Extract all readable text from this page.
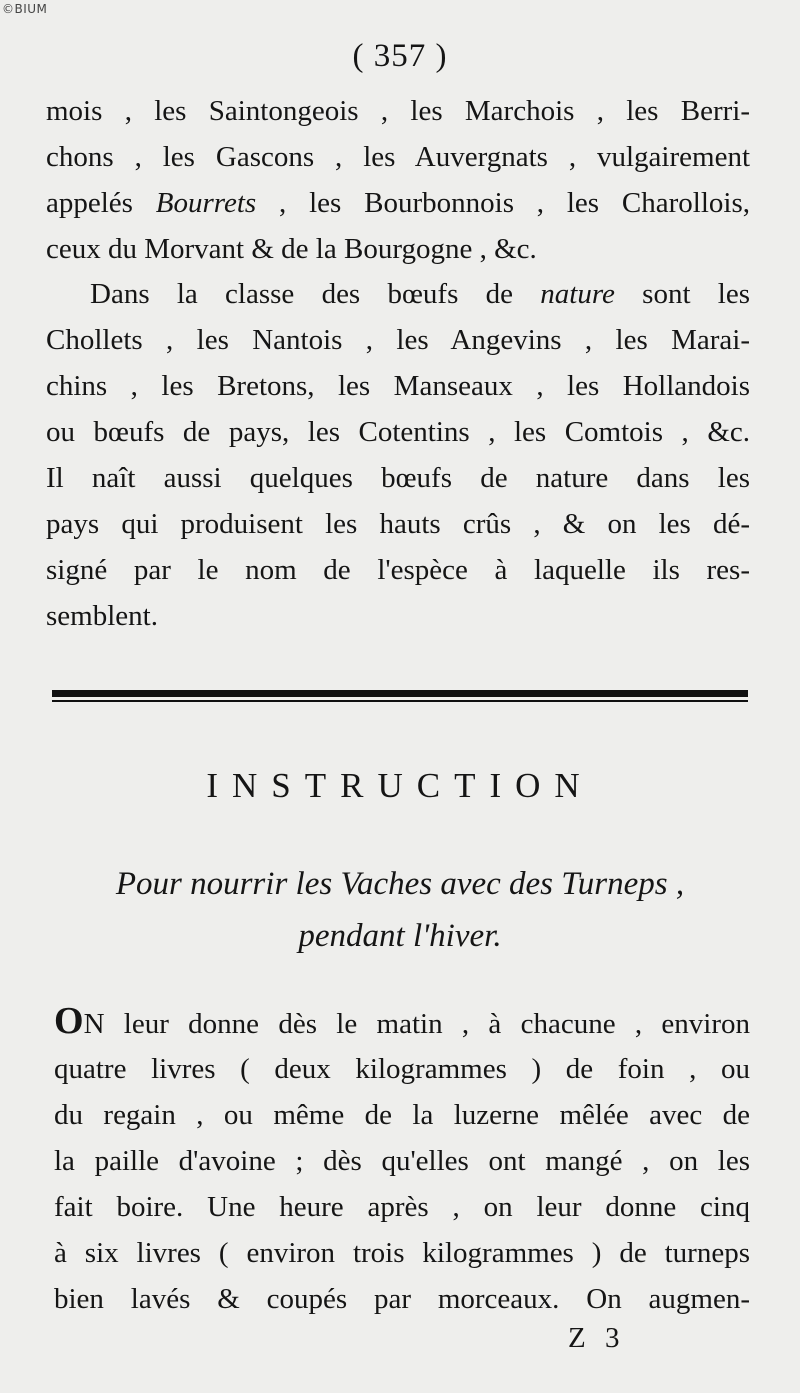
©BIUM
( 357 )
mois , les Saintongeois , les Marchois , les Berri-
chons , les Gascons , les Auvergnats , vulgairement
appelés Bourrets , les Bourbonnois , les Charollois,
ceux du Morvant & de la Bourgogne , &c.
Dans la classe des bœufs de nature sont les
Chollets , les Nantois , les Angevins , les Marai-
chins , les Bretons, les Manseaux , les Hollandois
ou bœufs de pays, les Cotentins , les Comtois , &c.
Il naît aussi quelques bœufs de nature dans les
pays qui produisent les hauts crûs , & on les dé-
signé par le nom de l'espèce à laquelle ils res-
semblent.
INSTRUCTION
Pour nourrir les Vaches avec des Turneps ,
pendant l'hiver.
ON leur donne dès le matin , à chacune , environ
quatre livres ( deux kilogrammes ) de foin , ou
du regain , ou même de la luzerne mêlée avec de
la paille d'avoine ; dès qu'elles ont mangé , on les
fait boire. Une heure après , on leur donne cinq
à six livres ( environ trois kilogrammes ) de turneps
bien lavés & coupés par morceaux. On augmen-
Z 3
